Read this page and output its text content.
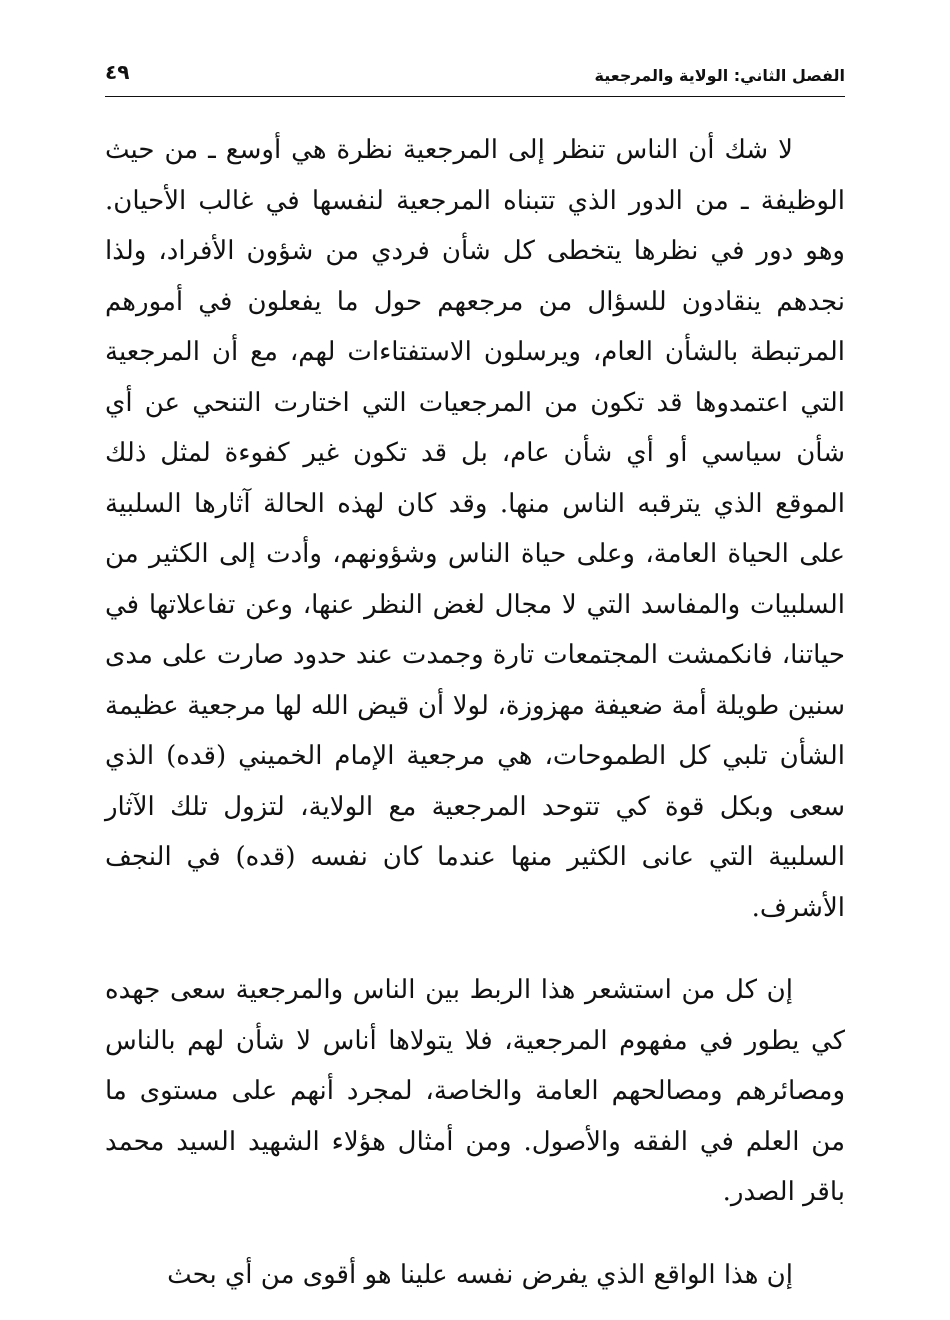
الفصل الثاني: الولاية والمرجعية
٤٩

لا شك أن الناس تنظر إلى المرجعية نظرة هي أوسع ـ من حيث الوظيفة ـ من الدور الذي تتبناه المرجعية لنفسها في غالب الأحيان. وهو دور في نظرها يتخطى كل شأن فردي من شؤون الأفراد، ولذا نجدهم ينقادون للسؤال من مرجعهم حول ما يفعلون في أمورهم المرتبطة بالشأن العام، ويرسلون الاستفتاءات لهم، مع أن المرجعية التي اعتمدوها قد تكون من المرجعيات التي اختارت التنحي عن أي شأن سياسي أو أي شأن عام، بل قد تكون غير كفوءة لمثل ذلك الموقع الذي يترقبه الناس منها. وقد كان لهذه الحالة آثارها السلبية على الحياة العامة، وعلى حياة الناس وشؤونهم، وأدت إلى الكثير من السلبيات والمفاسد التي لا مجال لغض النظر عنها، وعن تفاعلاتها في حياتنا، فانكمشت المجتمعات تارة وجمدت عند حدود صارت على مدى سنين طويلة أمة ضعيفة مهزوزة، لولا أن قيض الله لها مرجعية عظيمة الشأن تلبي كل الطموحات، هي مرجعية الإمام الخميني (قده) الذي سعى وبكل قوة كي تتوحد المرجعية مع الولاية، لتزول تلك الآثار السلبية التي عانى الكثير منها عندما كان نفسه (قده) في النجف الأشرف.

إن كل من استشعر هذا الربط بين الناس والمرجعية سعى جهده كي يطور في مفهوم المرجعية، فلا يتولاها أناس لا شأن لهم بالناس ومصائرهم ومصالحهم العامة والخاصة، لمجرد أنهم على مستوى ما من العلم في الفقه والأصول. ومن أمثال هؤلاء الشهيد السيد محمد باقر الصدر.

إن هذا الواقع الذي يفرض نفسه علينا هو أقوى من أي بحث
